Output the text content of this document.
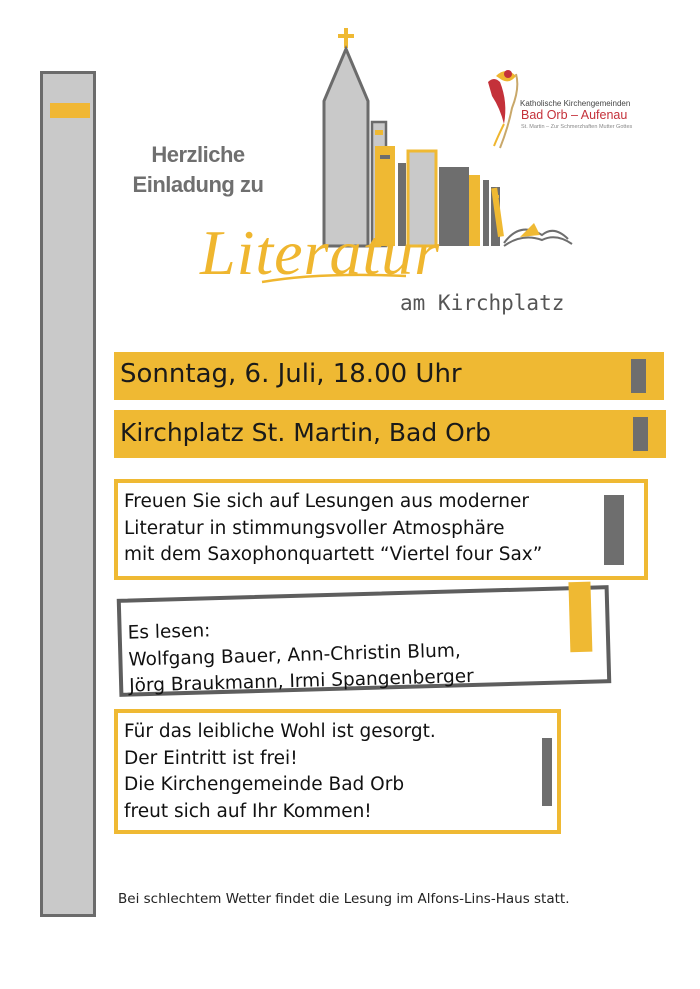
Herzliche
Einladung zu
Literatur
am Kirchplatz
Katholische Kirchengemeinden
Bad Orb – Aufenau
St. Martin – Zur Schmerzhaften Mutter Gottes
Sonntag, 6. Juli, 18.00 Uhr
Kirchplatz St. Martin, Bad Orb
Freuen Sie sich auf Lesungen aus moderner
Literatur in stimmungsvoller Atmosphäre
mit dem Saxophonquartett “Viertel four Sax”
Es lesen:
Wolfgang Bauer, Ann-Christin Blum,
Jörg Braukmann, Irmi Spangenberger
Für das leibliche Wohl ist gesorgt.
Der Eintritt ist frei!
Die Kirchengemeinde Bad Orb
freut sich auf Ihr Kommen!
Bei schlechtem Wetter findet die Lesung im Alfons-Lins-Haus statt.
